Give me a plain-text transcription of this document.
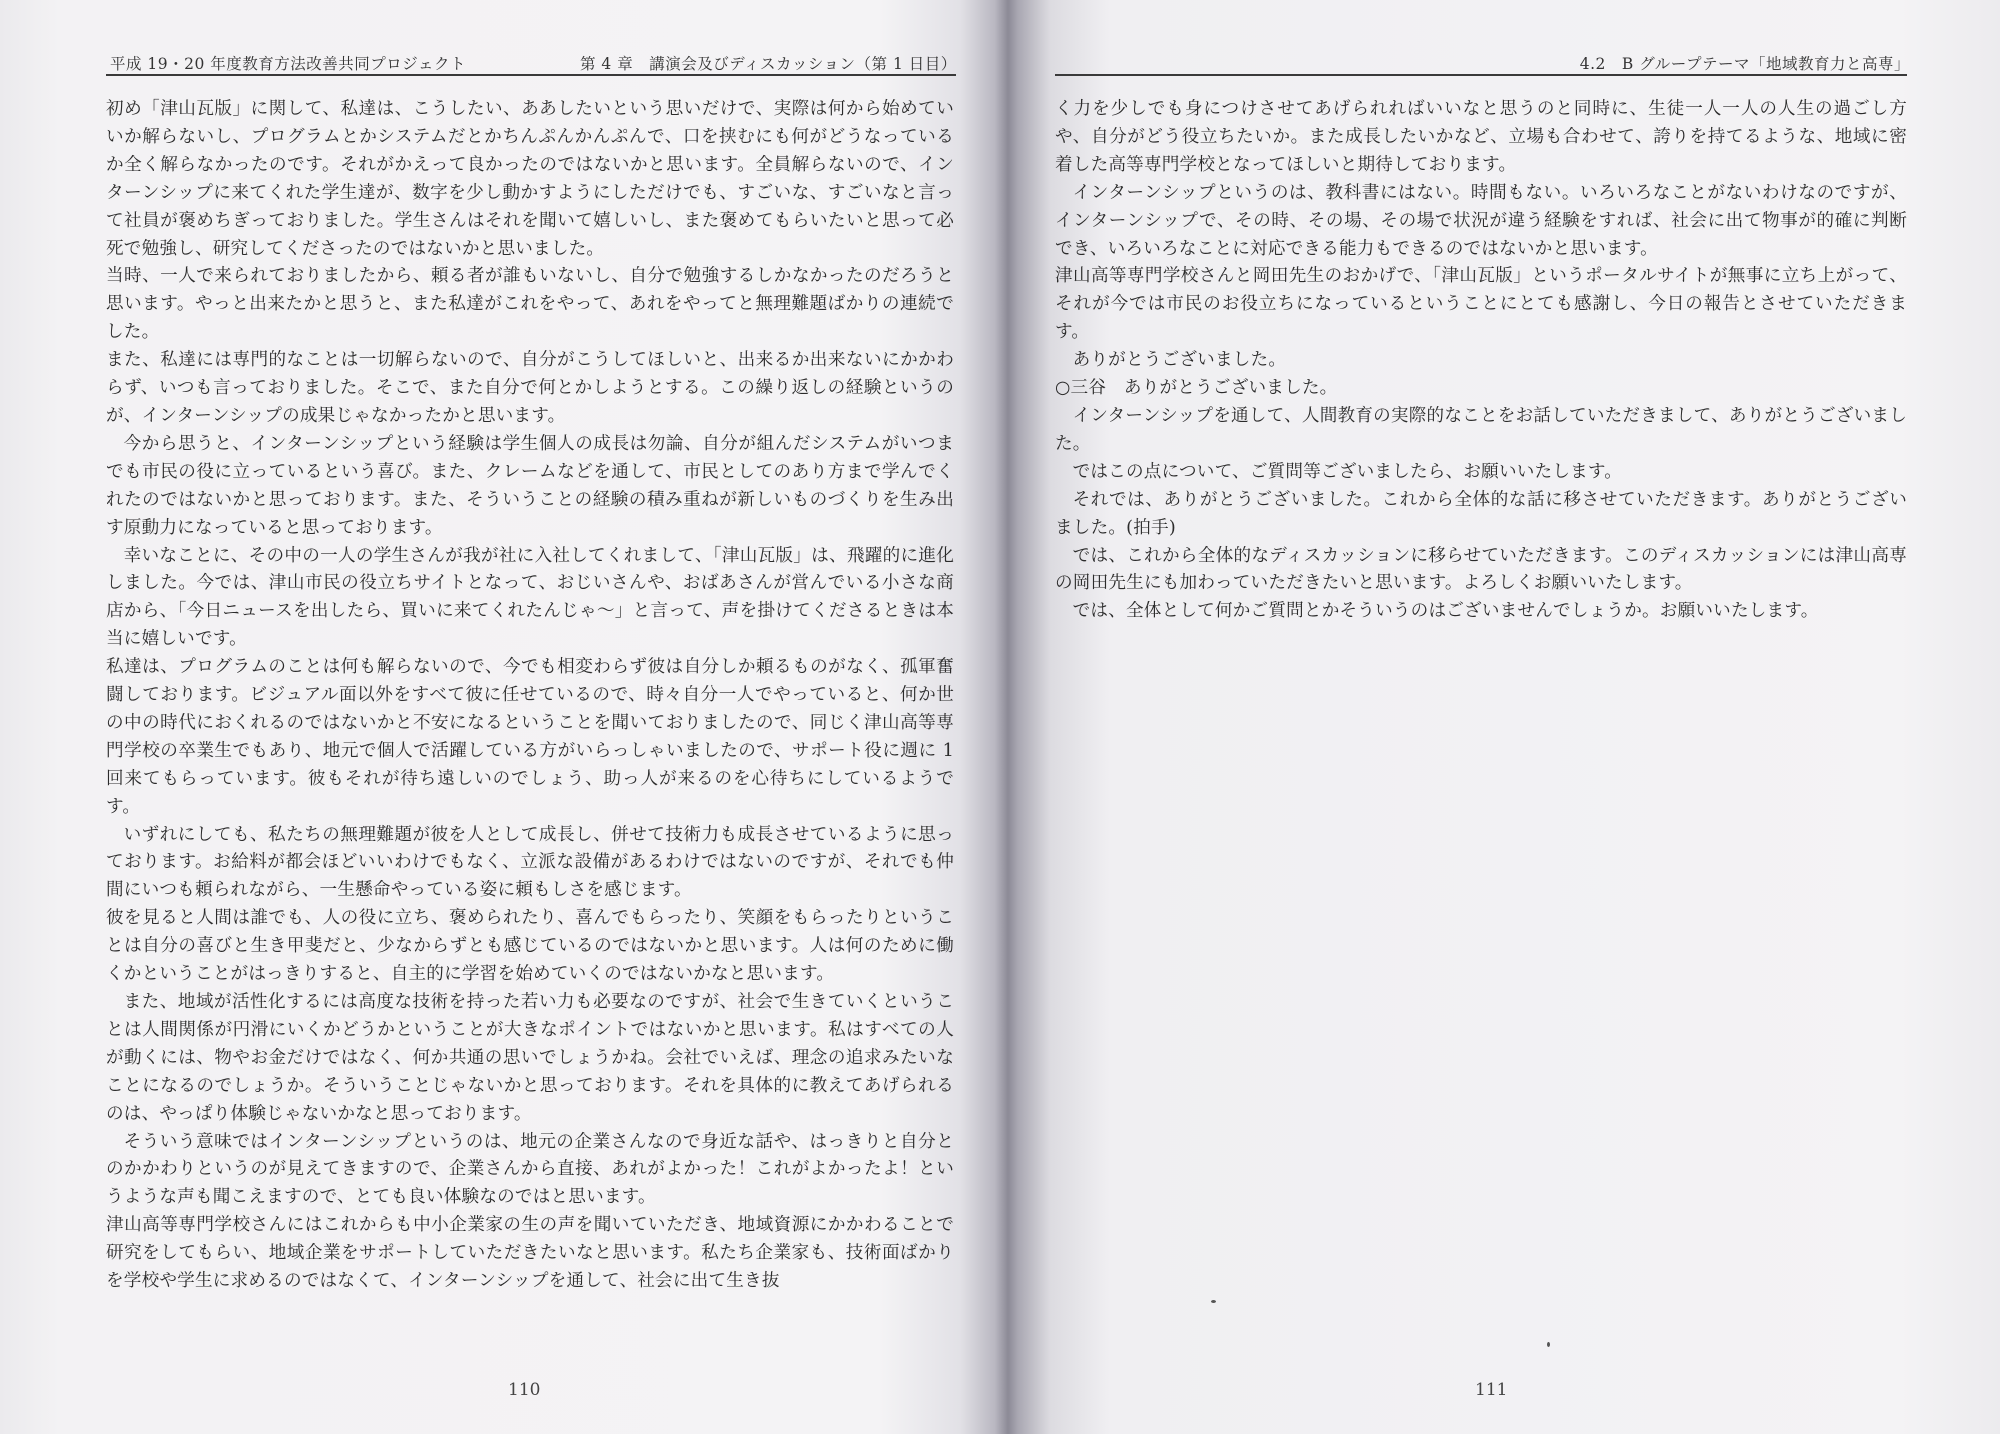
平成 19・20 年度教育方法改善共同プロジェクト	第 4 章　講演会及びディスカッション（第 1 日目）

初め「津山瓦版」に関して、私達は、こうしたい、ああしたいという思いだけで、実際は何から始めていいか解らないし、プログラムとかシステムだとかちんぷんかんぷんで、口を挟むにも何がどうなっているか全く解らなかったのです。それがかえって良かったのではないかと思います。全員解らないので、インターンシップに来てくれた学生達が、数字を少し動かすようにしただけでも、すごいな、すごいなと言って社員が褒めちぎっておりました。学生さんはそれを聞いて嬉しいし、また褒めてもらいたいと思って必死で勉強し、研究してくださったのではないかと思いました。

当時、一人で来られておりましたから、頼る者が誰もいないし、自分で勉強するしかなかったのだろうと思います。やっと出来たかと思うと、また私達がこれをやって、あれをやってと無理難題ばかりの連続でした。

また、私達には専門的なことは一切解らないので、自分がこうしてほしいと、出来るか出来ないにかかわらず、いつも言っておりました。そこで、また自分で何とかしようとする。この繰り返しの経験というのが、インターンシップの成果じゃなかったかと思います。

今から思うと、インターンシップという経験は学生個人の成長は勿論、自分が組んだシステムがいつまでも市民の役に立っているという喜び。また、クレームなどを通して、市民としてのあり方まで学んでくれたのではないかと思っております。また、そういうことの経験の積み重ねが新しいものづくりを生み出す原動力になっていると思っております。

幸いなことに、その中の一人の学生さんが我が社に入社してくれまして、「津山瓦版」は、飛躍的に進化しました。今では、津山市民の役立ちサイトとなって、おじいさんや、おばあさんが営んでいる小さな商店から、「今日ニュースを出したら、買いに来てくれたんじゃ〜」と言って、声を掛けてくださるときは本当に嬉しいです。

私達は、プログラムのことは何も解らないので、今でも相変わらず彼は自分しか頼るものがなく、孤軍奮闘しております。ビジュアル面以外をすべて彼に任せているので、時々自分一人でやっていると、何か世の中の時代におくれるのではないかと不安になるということを聞いておりましたので、同じく津山高等専門学校の卒業生でもあり、地元で個人で活躍している方がいらっしゃいましたので、サポート役に週に 1 回来てもらっています。彼もそれが待ち遠しいのでしょう、助っ人が来るのを心待ちにしているようです。

いずれにしても、私たちの無理難題が彼を人として成長し、併せて技術力も成長させているように思っております。お給料が都会ほどいいわけでもなく、立派な設備があるわけではないのですが、それでも仲間にいつも頼られながら、一生懸命やっている姿に頼もしさを感じます。

彼を見ると人間は誰でも、人の役に立ち、褒められたり、喜んでもらったり、笑顔をもらったりということは自分の喜びと生き甲斐だと、少なからずとも感じているのではないかと思います。人は何のために働くかということがはっきりすると、自主的に学習を始めていくのではないかなと思います。

また、地域が活性化するには高度な技術を持った若い力も必要なのですが、社会で生きていくということは人間関係が円滑にいくかどうかということが大きなポイントではないかと思います。私はすべての人が動くには、物やお金だけではなく、何か共通の思いでしょうかね。会社でいえば、理念の追求みたいなことになるのでしょうか。そういうことじゃないかと思っております。それを具体的に教えてあげられるのは、やっぱり体験じゃないかなと思っております。

そういう意味ではインターンシップというのは、地元の企業さんなので身近な話や、はっきりと自分とのかかわりというのが見えてきますので、企業さんから直接、あれがよかった！これがよかったよ！というような声も聞こえますので、とても良い体験なのではと思います。

津山高等専門学校さんにはこれからも中小企業家の生の声を聞いていただき、地域資源にかかわることで研究をしてもらい、地域企業をサポートしていただきたいなと思います。私たち企業家も、技術面ばかりを学校や学生に求めるのではなくて、インターンシップを通して、社会に出て生き抜

110
4.2　B グループテーマ「地域教育力と高専」

く力を少しでも身につけさせてあげられればいいなと思うのと同時に、生徒一人一人の人生の過ごし方や、自分がどう役立ちたいか。また成長したいかなど、立場も合わせて、誇りを持てるような、地域に密着した高等専門学校となってほしいと期待しております。

インターンシップというのは、教科書にはない。時間もない。いろいろなことがないわけなのですが、インターンシップで、その時、その場、その場で状況が違う経験をすれば、社会に出て物事が的確に判断でき、いろいろなことに対応できる能力もできるのではないかと思います。

津山高等専門学校さんと岡田先生のおかげで、「津山瓦版」というポータルサイトが無事に立ち上がって、それが今では市民のお役立ちになっているということにとても感謝し、今日の報告とさせていただきます。

ありがとうございました。

○三谷　ありがとうございました。

インターンシップを通して、人間教育の実際的なことをお話していただきまして、ありがとうございました。

ではこの点について、ご質問等ございましたら、お願いいたします。

それでは、ありがとうございました。これから全体的な話に移させていただきます。ありがとうございました。(拍手)

では、これから全体的なディスカッションに移らせていただきます。このディスカッションには津山高専の岡田先生にも加わっていただきたいと思います。よろしくお願いいたします。

では、全体として何かご質問とかそういうのはございませんでしょうか。お願いいたします。

111
